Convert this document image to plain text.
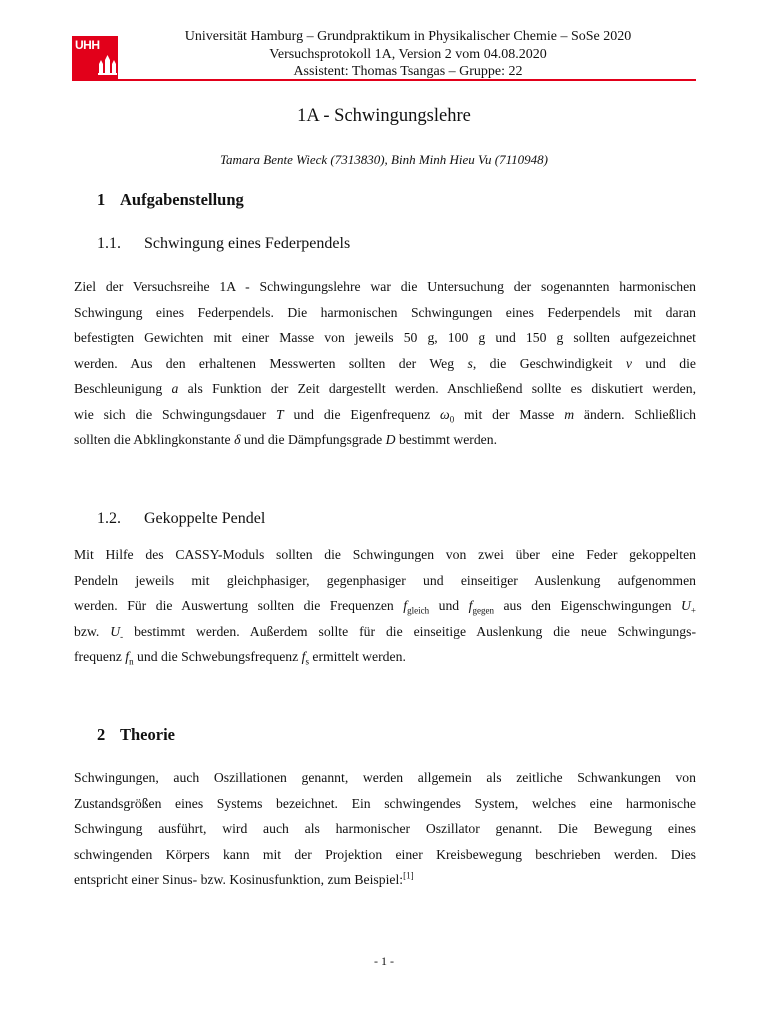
UHH
Universität Hamburg – Grundpraktikum in Physikalischer Chemie – SoSe 2020
Versuchsprotokoll 1A, Version 2 vom 04.08.2020
Assistent: Thomas Tsangas – Gruppe: 22
1A - Schwingungslehre
Tamara Bente Wieck (7313830), Binh Minh Hieu Vu (7110948)
1 Aufgabenstellung
1.1. Schwingung eines Federpendels
Ziel der Versuchsreihe 1A - Schwingungslehre war die Untersuchung der sogenannten harmonischen
Schwingung eines Federpendels. Die harmonischen Schwingungen eines Federpendels mit daran
befestigten Gewichten mit einer Masse von jeweils 50 g, 100 g und 150 g sollten aufgezeichnet
werden. Aus den erhaltenen Messwerten sollten der Weg s, die Geschwindigkeit v und die
Beschleunigung a als Funktion der Zeit dargestellt werden. Anschließend sollte es diskutiert werden,
wie sich die Schwingungsdauer T und die Eigenfrequenz $\omega_0$ mit der Masse m ändern. Schließlich
sollten die Abklingkonstante δ und die Dämpfungsgrade D bestimmt werden.
1.2. Gekoppelte Pendel
Mit Hilfe des CASSY-Moduls sollten die Schwingungen von zwei über eine Feder gekoppelten
Pendeln jeweils mit gleichphasiger, gegenphasiger und einseitiger Auslenkung aufgenommen
werden. Für die Auswertung sollten die Frequenzen $f_{gleich}$ und $f_{gegen}$ aus den Eigenschwingungen $U_+$
bzw. $U_-$ bestimmt werden. Außerdem sollte für die einseitige Auslenkung die neue Schwingungs-
frequenz $f_n$ und die Schwebungsfrequenz $f_s$ ermittelt werden.
2 Theorie
Schwingungen, auch Oszillationen genannt, werden allgemein als zeitliche Schwankungen von
Zustandsgrößen eines Systems bezeichnet. Ein schwingendes System, welches eine harmonische
Schwingung ausführt, wird auch als harmonischer Oszillator genannt. Die Bewegung eines
schwingenden Körpers kann mit der Projektion einer Kreisbewegung beschrieben werden. Dies
entspricht einer Sinus- bzw. Kosinusfunktion, zum Beispiel:[1]
- 1 -
